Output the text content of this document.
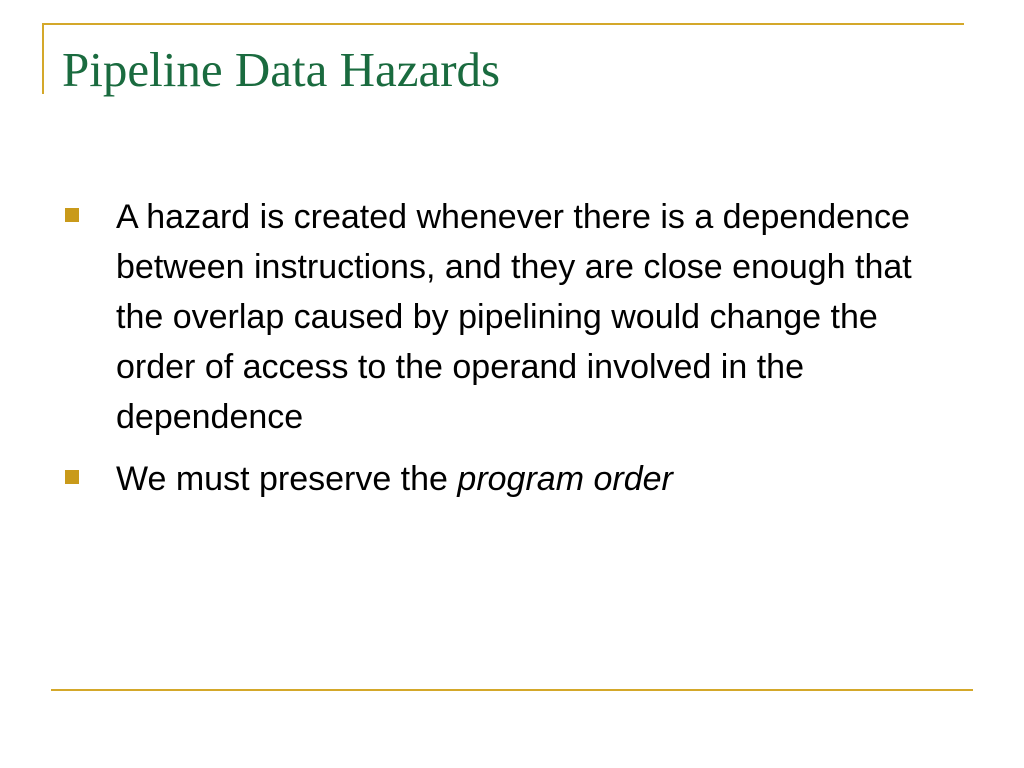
Pipeline Data Hazards
A hazard is created whenever there is a dependence between instructions, and they are close enough that the overlap caused by pipelining would change the order of access to the operand involved in the dependence
We must preserve the program order
